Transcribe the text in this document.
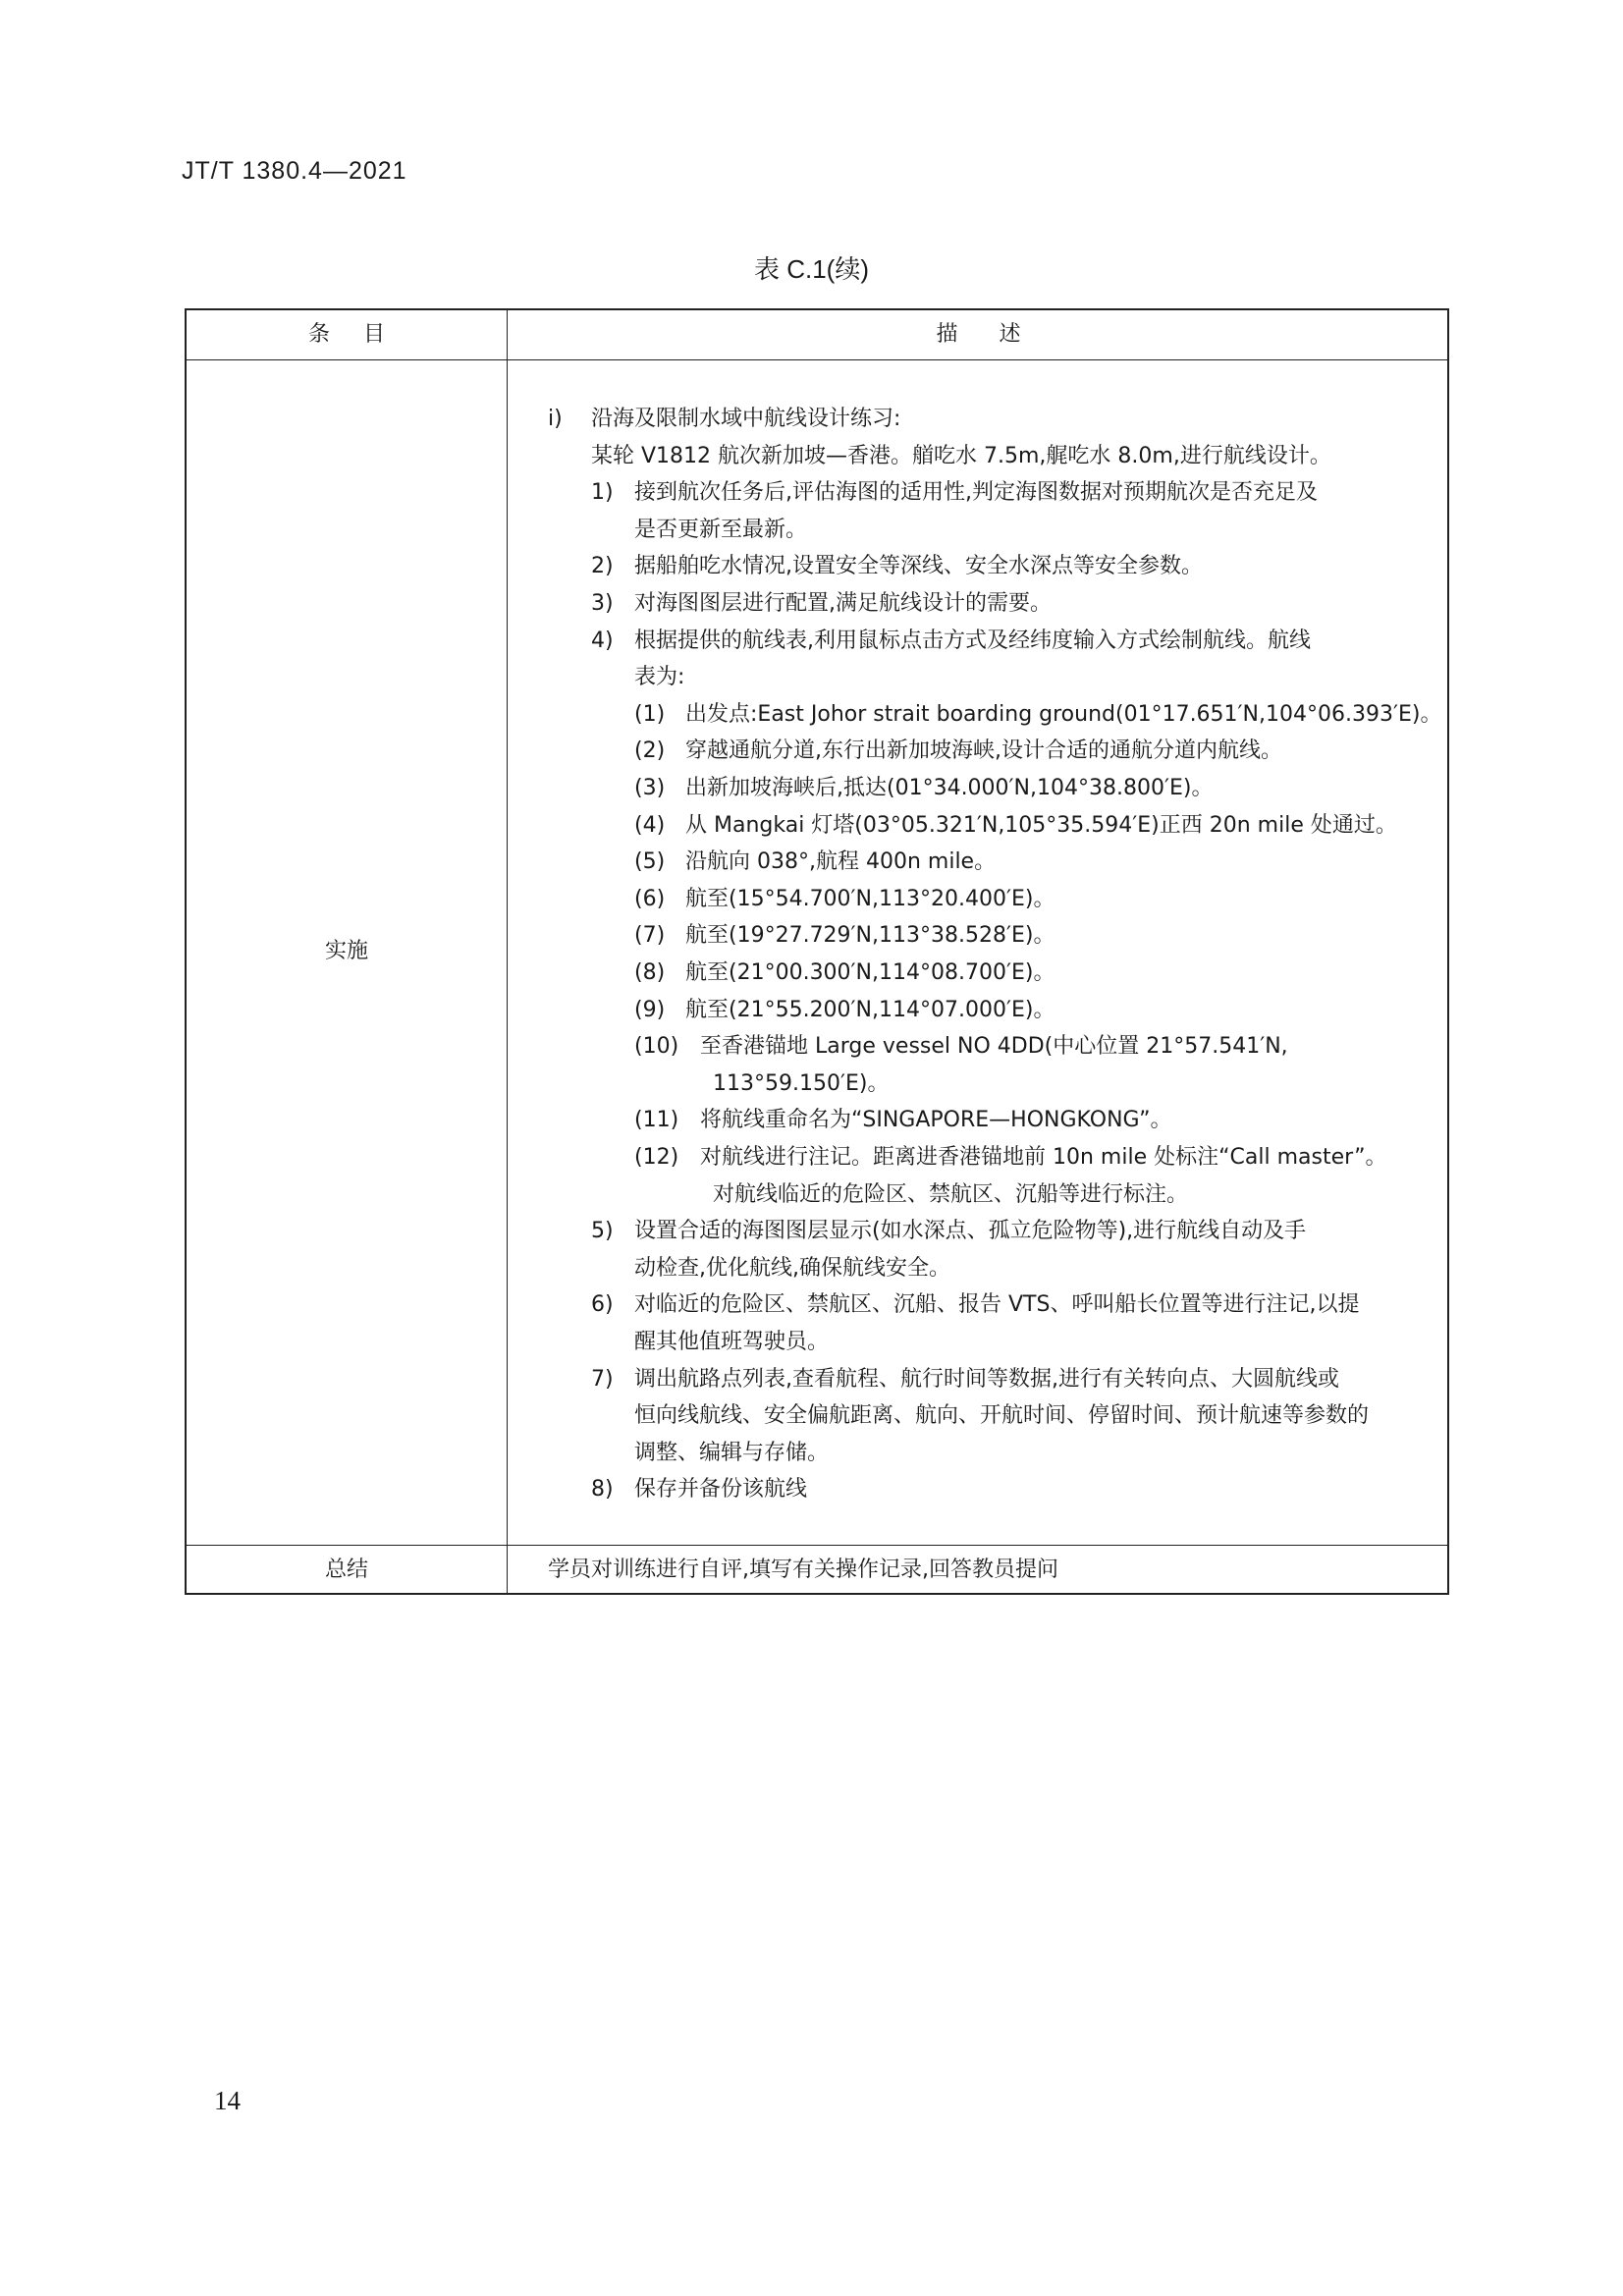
JT/T 1380.4—2021
表 C.1(续)
条目	描述
实施
i) 沿海及限制水域中航线设计练习:
某轮 V1812 航次新加坡—香港。艏吃水 7.5m,艉吃水 8.0m,进行航线设计。
1) 接到航次任务后,评估海图的适用性,判定海图数据对预期航次是否充足及
是否更新至最新。
2) 据船舶吃水情况,设置安全等深线、安全水深点等安全参数。
3) 对海图图层进行配置,满足航线设计的需要。
4) 根据提供的航线表,利用鼠标点击方式及经纬度输入方式绘制航线。航线
表为:
(1) 出发点:East Johor strait boarding ground(01°17.651′N,104°06.393′E)。
(2) 穿越通航分道,东行出新加坡海峡,设计合适的通航分道内航线。
(3) 出新加坡海峡后,抵达(01°34.000′N,104°38.800′E)。
(4) 从 Mangkai 灯塔(03°05.321′N,105°35.594′E)正西 20n mile 处通过。
(5) 沿航向 038°,航程 400n mile。
(6) 航至(15°54.700′N,113°20.400′E)。
(7) 航至(19°27.729′N,113°38.528′E)。
(8) 航至(21°00.300′N,114°08.700′E)。
(9) 航至(21°55.200′N,114°07.000′E)。
(10) 至香港锚地 Large vessel NO 4DD(中心位置 21°57.541′N,
113°59.150′E)。
(11) 将航线重命名为“SINGAPORE—HONGKONG”。
(12) 对航线进行注记。距离进香港锚地前 10n mile 处标注“Call master”。
对航线临近的危险区、禁航区、沉船等进行标注。
5) 设置合适的海图图层显示(如水深点、孤立危险物等),进行航线自动及手
动检查,优化航线,确保航线安全。
6) 对临近的危险区、禁航区、沉船、报告 VTS、呼叫船长位置等进行注记,以提
醒其他值班驾驶员。
7) 调出航路点列表,查看航程、航行时间等数据,进行有关转向点、大圆航线或
恒向线航线、安全偏航距离、航向、开航时间、停留时间、预计航速等参数的
调整、编辑与存储。
8) 保存并备份该航线
总结	学员对训练进行自评,填写有关操作记录,回答教员提问
14
